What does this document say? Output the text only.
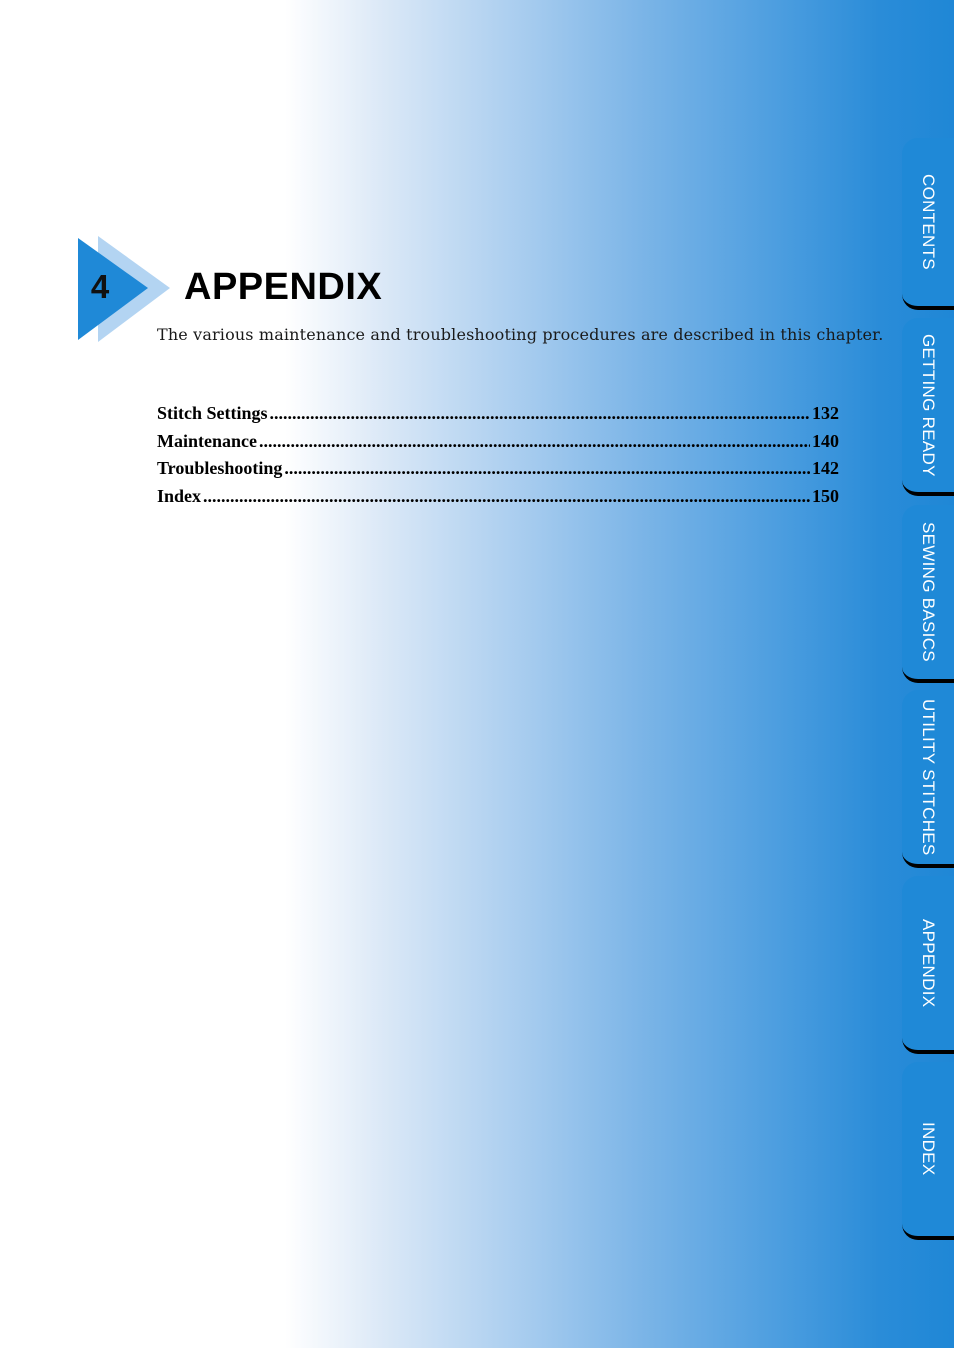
4 APPENDIX
The various maintenance and troubleshooting procedures are described in this chapter.
Stitch Settings .....	132
Maintenance .....	140
Troubleshooting .....	142
Index .....	150
CONTENTS
GETTING READY
SEWING BASICS
UTILITY STITCHES
APPENDIX
INDEX
